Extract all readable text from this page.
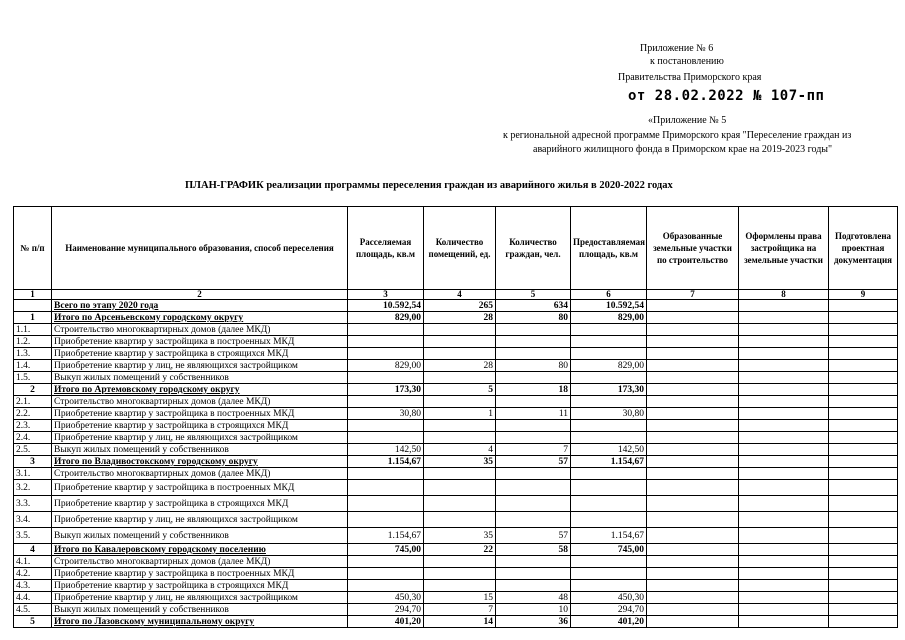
Приложение № 6
к постановлению
Правительства Приморского края
от 28.02.2022 № 107-пп
«Приложение № 5
к региональной адресной программе Приморского края "Переселение граждан из
аварийного жилищного фонда в Приморском крае на 2019-2023 годы"
ПЛАН-ГРАФИК реализации программы переселения граждан из аварийного жилья в 2020-2022 годах
№ п/п	Наименование муниципального образования, способ переселения	Расселяемая площадь, кв.м	Количество помещений, ед.	Количество граждан, чел.	Предоставляемая площадь, кв.м	Образованные земельные участки по строительство	Оформлены права застройщика на земельные участки	Подготовлена проектная документация
1	2	3	4	5	6	7	8	9
	Всего по этапу 2020 года	10.592,54	265	634	10.592,54			
1	Итого по Арсеньевскому городскому округу	829,00	28	80	829,00			
1.1.	Строительство многоквартирных домов (далее МКД)							
1.2.	Приобретение квартир у застройщика в построенных МКД							
1.3.	Приобретение квартир у застройщика в строящихся МКД							
1.4.	Приобретение квартир у лиц, не являющихся застройщиком	829,00	28	80	829,00			
1.5.	Выкуп жилых помещений у собственников							
2	Итого по Артемовскому городскому округу	173,30	5	18	173,30			
2.1.	Строительство многоквартирных домов (далее МКД)							
2.2.	Приобретение квартир у застройщика в построенных МКД	30,80	1	11	30,80			
2.3.	Приобретение квартир у застройщика в строящихся МКД							
2.4.	Приобретение квартир у лиц, не являющихся застройщиком							
2.5.	Выкуп жилых помещений у собственников	142,50	4	7	142,50			
3	Итого по Владивостокскому городскому округу	1.154,67	35	57	1.154,67			
3.1.	Строительство многоквартирных домов (далее МКД)							
3.2.	Приобретение квартир у застройщика в построенных МКД							
3.3.	Приобретение квартир у застройщика в строящихся МКД							
3.4.	Приобретение квартир у лиц, не являющихся застройщиком							
3.5.	Выкуп жилых помещений у собственников	1.154,67	35	57	1.154,67			
4	Итого по Кавалеровскому городскому поселению	745,00	22	58	745,00			
4.1.	Строительство многоквартирных домов (далее МКД)							
4.2.	Приобретение квартир у застройщика в построенных МКД							
4.3.	Приобретение квартир у застройщика в строящихся МКД							
4.4.	Приобретение квартир у лиц, не являющихся застройщиком	450,30	15	48	450,30			
4.5.	Выкуп жилых помещений у собственников	294,70	7	10	294,70			
5	Итого по Лазовскому муниципальному округу	401,20	14	36	401,20			
